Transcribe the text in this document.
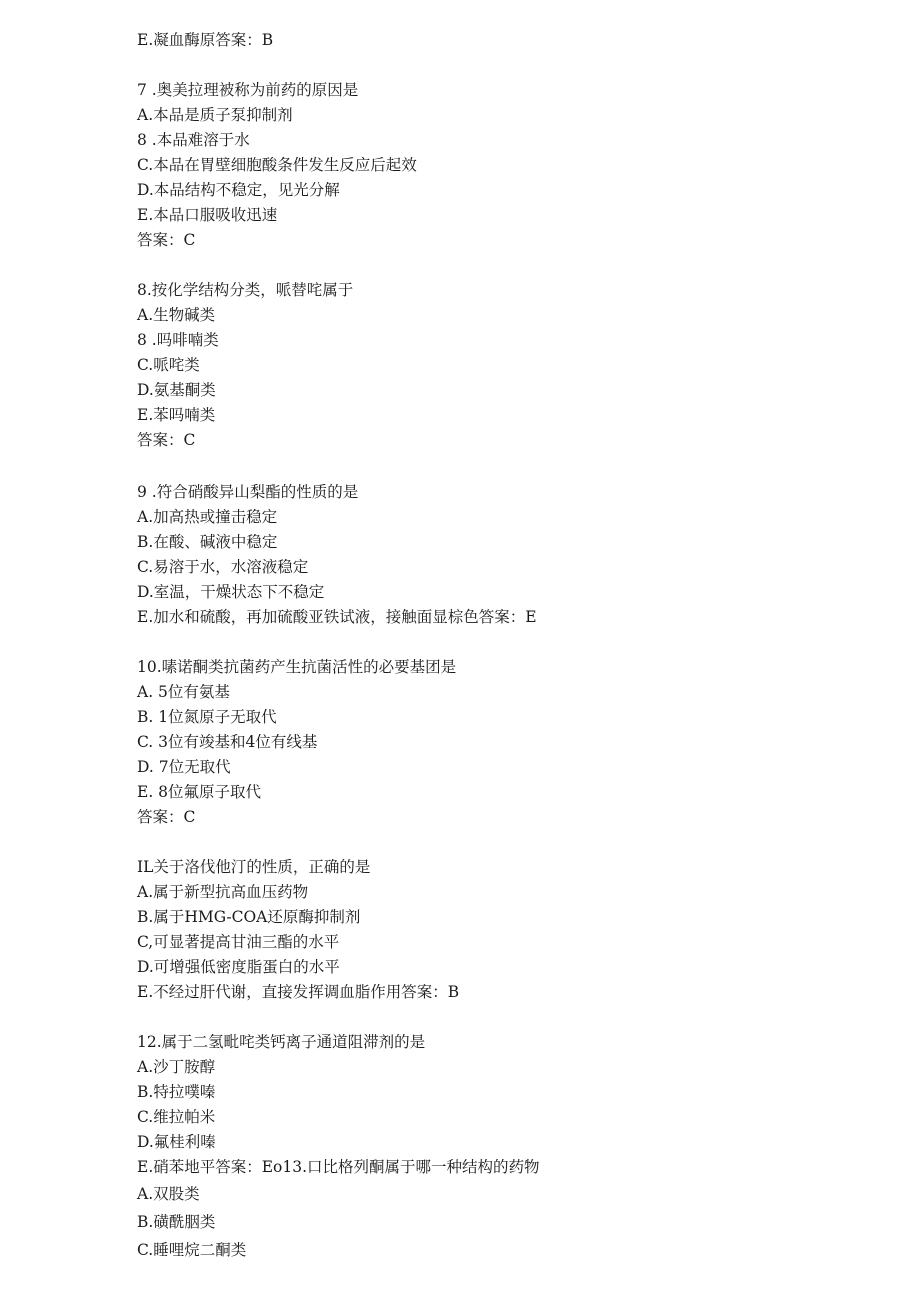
E.凝血酶原答案：B
7 .奥美拉理被称为前药的原因是
A.本品是质子泵抑制剂
8 .本品难溶于水
C.本品在胃壁细胞酸条件发生反应后起效
D.本品结构不稳定，见光分解
E.本品口服吸收迅速
答案：C
8.按化学结构分类，哌替咤属于
A.生物碱类
8 .吗啡喃类
C.哌咤类
D.氨基酮类
E.苯吗喃类
答案：C
9 .符合硝酸异山梨酯的性质的是
A.加高热或撞击稳定
B.在酸、碱液中稳定
C.易溶于水，水溶液稳定
D.室温，干燥状态下不稳定
E.加水和硫酸，再加硫酸亚铁试液，接触面显棕色答案：E
10.嗉诺酮类抗菌药产生抗菌活性的必要基团是
A. 5位有氨基
B. 1位氮原子无取代
C. 3位有竣基和4位有线基
D. 7位无取代
E. 8位氟原子取代
答案：C
IL关于洛伐他汀的性质，正确的是
A.属于新型抗高血压药物
B.属于HMG-COA还原酶抑制剂
C,可显著提高甘油三酯的水平
D.可增强低密度脂蛋白的水平
E.不经过肝代谢，直接发挥调血脂作用答案：B
12.属于二氢毗咤类钙离子通道阻滞剂的是
A.沙丁胺醇
B.特拉噗嗪
C.维拉帕米
D.氟桂利嗪
E.硝苯地平答案：Eo13.口比格列酮属于哪一种结构的药物
A.双股类
B.磺酰胭类
C.睡哩烷二酮类
